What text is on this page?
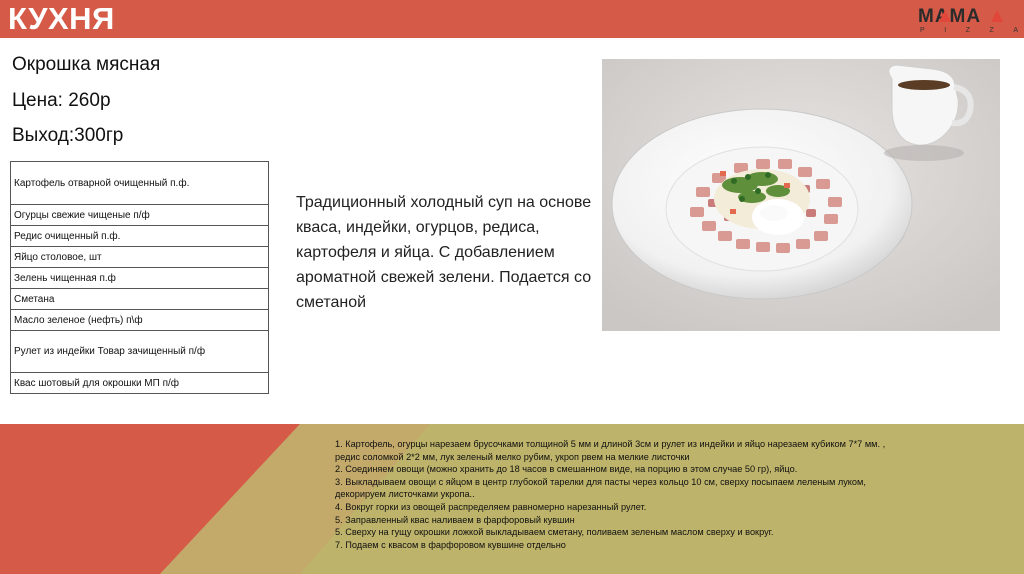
КУХНЯ	MAMA
P	I	Z	Z	A
Окрошка мясная
Цена: 260р
Выход:300гр
Картофель отварной очищенный п.ф.
Огурцы свежие чищеные п/ф
Редис очищенный п.ф.
Яйцо столовое, шт
Зелень чищенная п.ф
Сметана
Масло зеленое (нефть) п\ф
Рулет из индейки Товар зачищенный п/ф
Квас шотовый для окрошки МП п/ф
Традиционный холодный суп на основе кваса, индейки, огурцов, редиса, картофеля и яйца. С добавлением ароматной свежей зелени. Подается со сметаной
1. Картофель, огурцы нарезаем брусочками толщиной 5 мм и длиной 3см и рулет из индейки и яйцо нарезаем кубиком 7*7 мм. ,
редис соломкой 2*2 мм, лук зеленый мелко рубим, укроп рвем на мелкие листочки
2. Соединяем овощи (можно хранить до 18 часов в смешанном виде, на порцию в этом случае 50 гр), яйцо.
3. Выкладываем овощи с яйцом в центр глубокой тарелки для пасты через кольцо 10 см, сверху посыпаем леленым луком,
декорируем листочками укропа..
4. Вокруг горки из овощей распределяем равномерно нарезанный рулет.
5. Заправленный квас наливаем в фарфоровый кувшин
5. Сверху на гущу окрошки ложкой выкладываем сметану, поливаем зеленым маслом сверху и вокруг.
7. Подаем с квасом в фарфоровом кувшине отдельно
